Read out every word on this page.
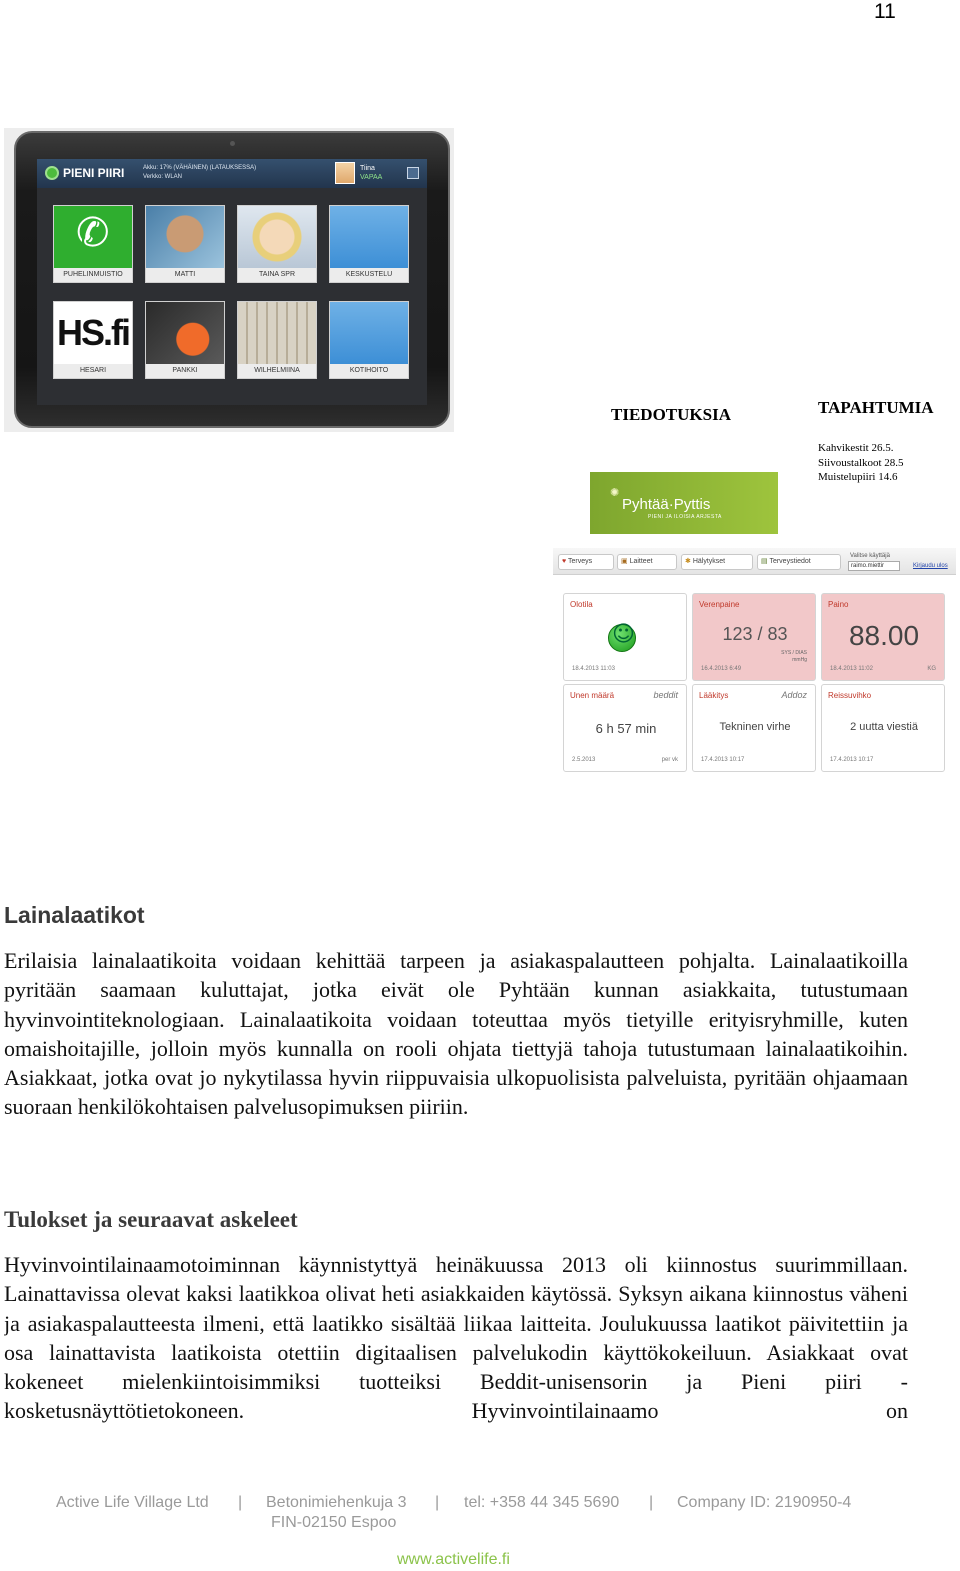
11
PIENI PIIRI	Akku: 17% (VÄHÄINEN) (LATAUKSESSA)
Verkko: WLAN
Tiina
VAPAA
✆
PUHELINMUISTIO	MATTI	TAINA SPR	KESKUSTELU
HS.fi
HESARI	PANKKI	WILHELMIINA	KOTIHOITO
TIEDOTUKSIA	TAPAHTUMIA
Kahvikestit 26.5.
Siivoustalkoot 28.5
Muistelupiiri 14.6
✺
Pyhtää·Pyttis
PIENI JA ILOISIA ARJESTA
♥ Terveys	▣ Laitteet	✱ Hälytykset	▤ Terveystiedot
Valitse käyttäjä
raimo.miettir	Kirjaudu ulos
Olotila
☺
18.4.2013 11:03
Verenpaine
123 / 83
SYS / DIAS
mmHg
16.4.2013 6:49
Paino
88.00
KG
18.4.2013 11:02
Unen määrä	beddit
6 h 57 min
2.5.2013	per vk
Lääkitys	Addoz
Tekninen virhe
17.4.2013 10:17
Reissuvihko
2 uutta viestiä
17.4.2013 10:17
Lainalaatikot

Erilaisia lainalaatikoita voidaan kehittää tarpeen ja asiakaspalautteen pohjalta. Lainalaatikoilla pyritään saamaan kuluttajat, jotka eivät ole Pyhtään kunnan asiakkaita, tutustumaan hyvinvointiteknologiaan. Lainalaatikoita voidaan toteuttaa myös tietyille erityisryhmille, kuten omaishoitajille, jolloin myös kunnalla on rooli ohjata tiettyjä tahoja tutustumaan lainalaatikoihin. Asiakkaat, jotka ovat jo nykytilassa hyvin riippuvaisia ulkopuolisista palveluista, pyritään ohjaamaan suoraan henkilökohtaisen palvelusopimuksen piiriin.

Tulokset ja seuraavat askeleet

Hyvinvointilainaamotoiminnan käynnistyttyä heinäkuussa 2013 oli kiinnostus suurimmillaan. Lainattavissa olevat kaksi laatikkoa olivat heti asiakkaiden käytössä. Syksyn aikana kiinnostus väheni ja asiakaspalautteesta ilmeni, että laatikko sisältää liikaa laitteita. Joulukuussa laatikot päivitettiin ja osa lainattavista laatikoista otettiin digitaalisen palvelukodin käyttökokeiluun. Asiakkaat ovat kokeneet mielenkiintoisimmiksi tuotteiksi Beddit-unisensorin ja Pieni piiri -kosketusnäyttötietokoneen. Hyvinvointilainaamo on

Active Life Village Ltd | Betonimiehenkuja 3 | tel: +358 44 345 5690 | Company ID: 2190950-4
FIN-02150 Espoo
www.activelife.fi
